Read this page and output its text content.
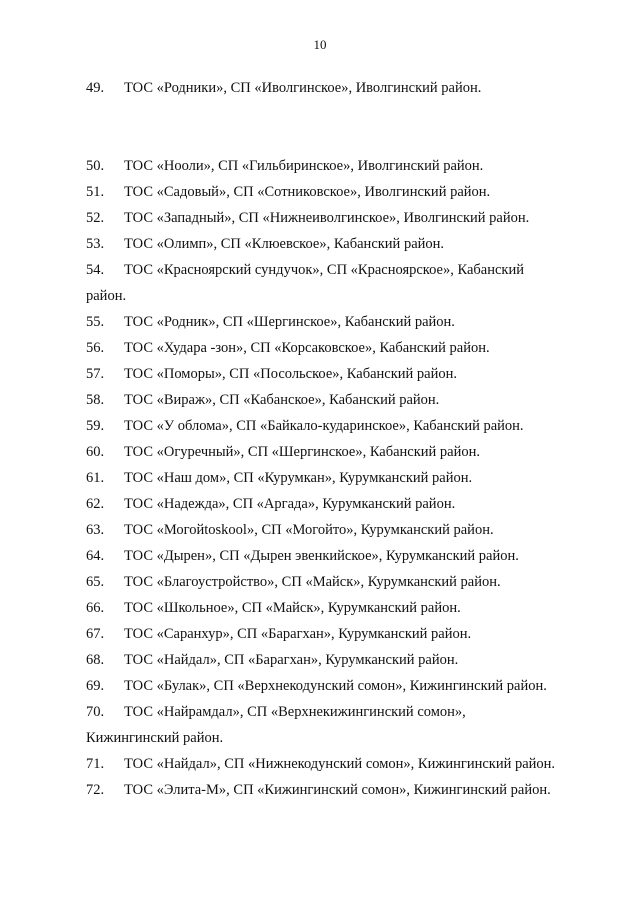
10
49. ТОС «Родники», СП «Иволгинское», Иволгинский район.
50. ТОС «Нооли», СП «Гильбиринское», Иволгинский район.
51. ТОС «Садовый», СП «Сотниковское», Иволгинский район.
52. ТОС «Западный», СП «Нижнеиволгинское», Иволгинский район.
53. ТОС «Олимп», СП «Клюевское», Кабанский район.
54. ТОС «Красноярский сундучок», СП «Красноярское», Кабанский
район.
55. ТОС «Родник», СП «Шергинское», Кабанский район.
56. ТОС «Худара -зон», СП «Корсаковское», Кабанский район.
57. ТОС «Поморы», СП «Посольское», Кабанский район.
58. ТОС «Вираж», СП «Кабанское», Кабанский район.
59. ТОС «У облома», СП «Байкало-кударинское», Кабанский район.
60. ТОС «Огуречный», СП «Шергинское», Кабанский район.
61. ТОС «Наш дом», СП «Курумкан», Курумканский район.
62. ТОС «Надежда», СП «Аргада», Курумканский район.
63. ТОС «Могойtoskool», СП «Могойто», Курумканский район.
64. ТОС «Дырен», СП «Дырен эвенкийское», Курумканский район.
65. ТОС «Благоустройство», СП «Майск», Курумканский район.
66. ТОС «Школьное», СП «Майск», Курумканский район.
67. ТОС «Саранхур», СП «Барагхан», Курумканский район.
68. ТОС «Найдал», СП «Барагхан», Курумканский район.
69. ТОС «Булак», СП «Верхнекодунский сомон», Кижингинский район.
70. ТОС «Найрамдал», СП «Верхнекижингинский сомон»,
Кижингинский район.
71. ТОС «Найдал», СП «Нижнекодунский сомон», Кижингинский район.
72. ТОС «Элита-М», СП «Кижингинский сомон», Кижингинский район.
